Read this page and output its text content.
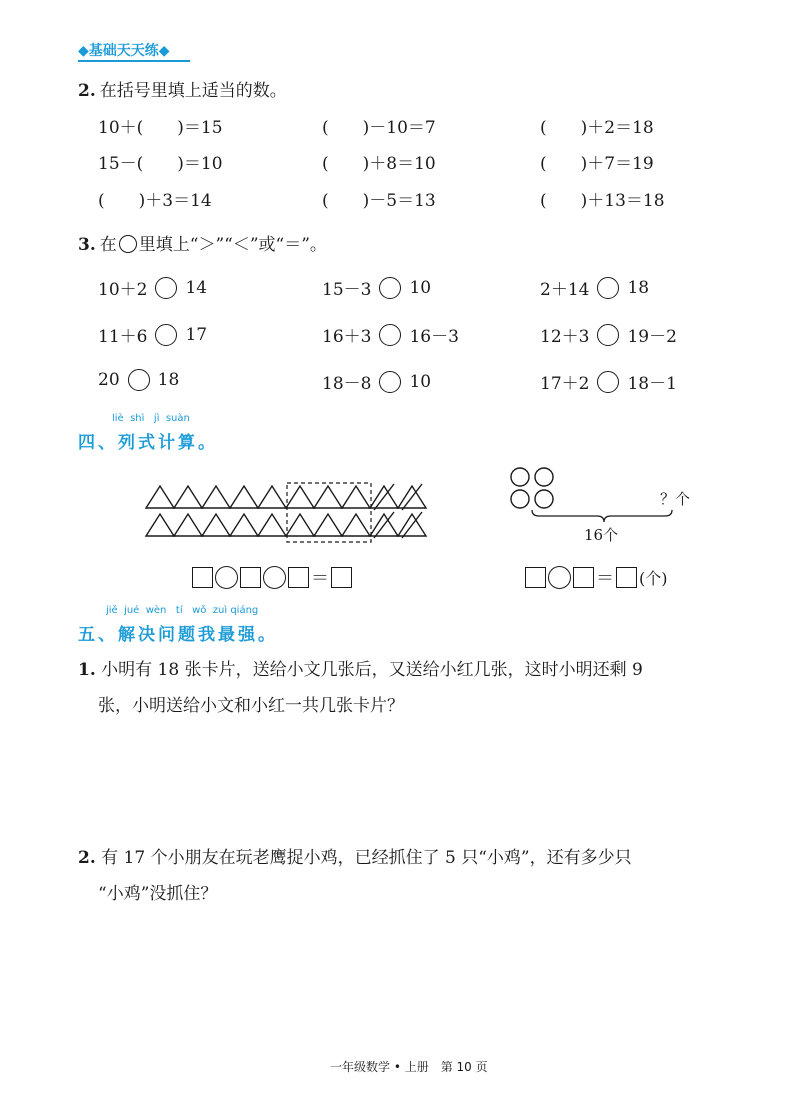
◆基础天天练◆
2. 在括号里填上适当的数。
10＋(　　)＝15	(　　)－10＝7	(　　)＋2＝18
15－(　　)＝10	(　　)＋8＝10	(　　)＋7＝19
(　　)＋3＝14	(　　)－5＝13	(　　)＋13＝18
3. 在 里填上“＞”“＜”或“＝”。
10＋2 14	15－3 10	2＋14 18
11＋6 17	16＋3 16－3	12＋3 19－2
20 18	18－8 10	17＋2 18－1
liè  shì   jì  suàn
四、列式计算。
？个
16个
＝	＝ (个)
jiě  jué  wèn   tí   wǒ  zuì qiáng
五、解决问题我最强。
1. 小明有 18 张卡片，送给小文几张后，又送给小红几张，这时小明还剩 9
张，小明送给小文和小红一共几张卡片？
2. 有 17 个小朋友在玩老鹰捉小鸡，已经抓住了 5 只“小鸡”，还有多少只
“小鸡”没抓住？
一年级数学 • 上册　第 10 页
